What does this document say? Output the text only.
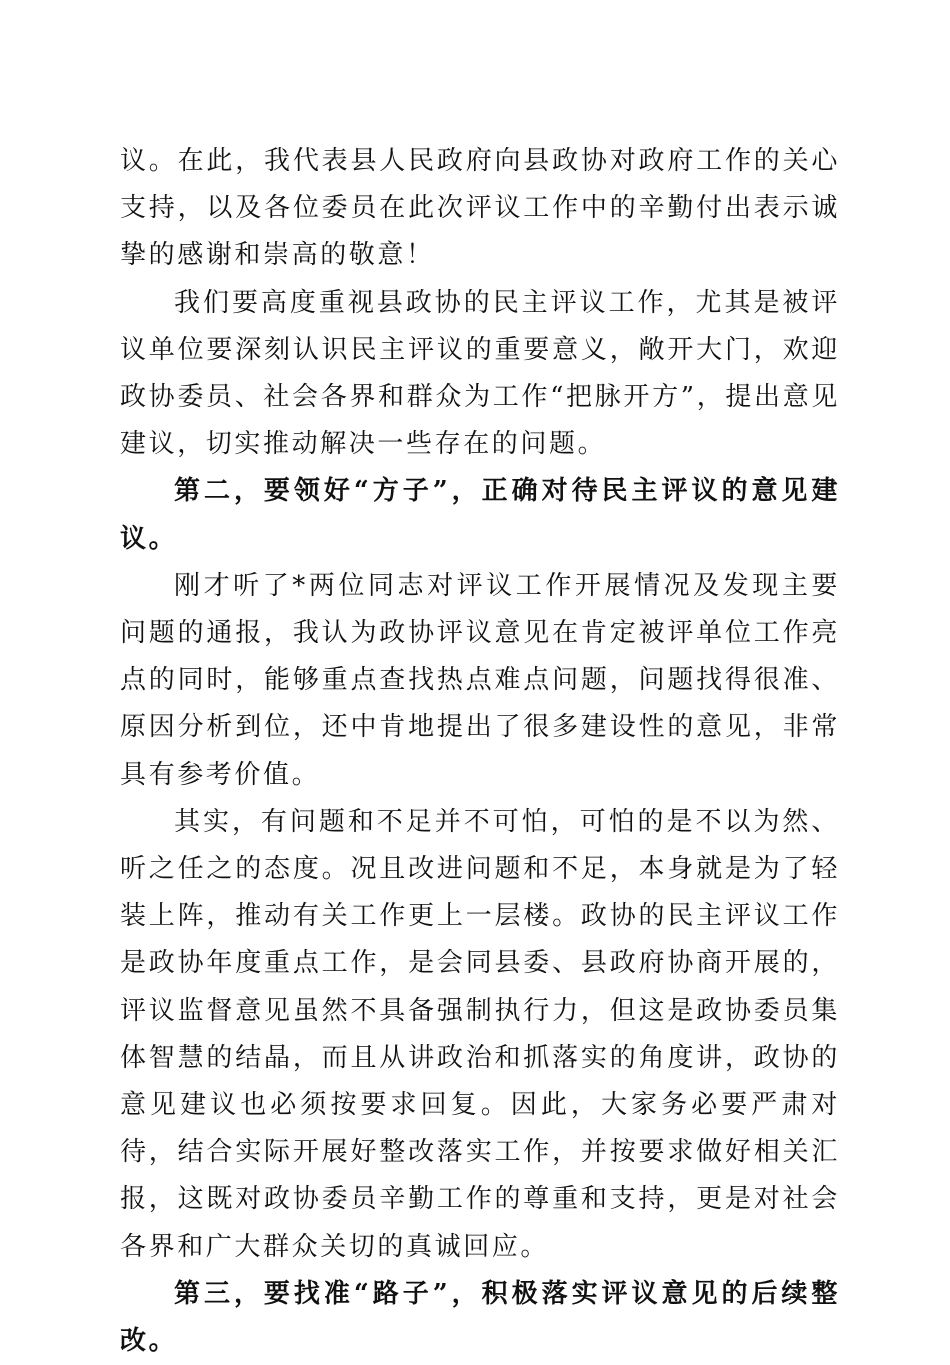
议。在此，我代表县人民政府向县政协对政府工作的关心支持，以及各位委员在此次评议工作中的辛勤付出表示诚挚的感谢和崇高的敬意！

我们要高度重视县政协的民主评议工作，尤其是被评议单位要深刻认识民主评议的重要意义，敞开大门，欢迎政协委员、社会各界和群众为工作“把脉开方”，提出意见建议，切实推动解决一些存在的问题。

第二，要领好“方子”，正确对待民主评议的意见建议。

刚才听了*两位同志对评议工作开展情况及发现主要问题的通报，我认为政协评议意见在肯定被评单位工作亮点的同时，能够重点查找热点难点问题，问题找得很准、原因分析到位，还中肯地提出了很多建设性的意见，非常具有参考价值。

其实，有问题和不足并不可怕，可怕的是不以为然、听之任之的态度。况且改进问题和不足，本身就是为了轻装上阵，推动有关工作更上一层楼。政协的民主评议工作是政协年度重点工作，是会同县委、县政府协商开展的，评议监督意见虽然不具备强制执行力，但这是政协委员集体智慧的结晶，而且从讲政治和抓落实的角度讲，政协的意见建议也必须按要求回复。因此，大家务必要严肃对待，结合实际开展好整改落实工作，并按要求做好相关汇报，这既对政协委员辛勤工作的尊重和支持，更是对社会各界和广大群众关切的真诚回应。

第三，要找准“路子”，积极落实评议意见的后续整改。
